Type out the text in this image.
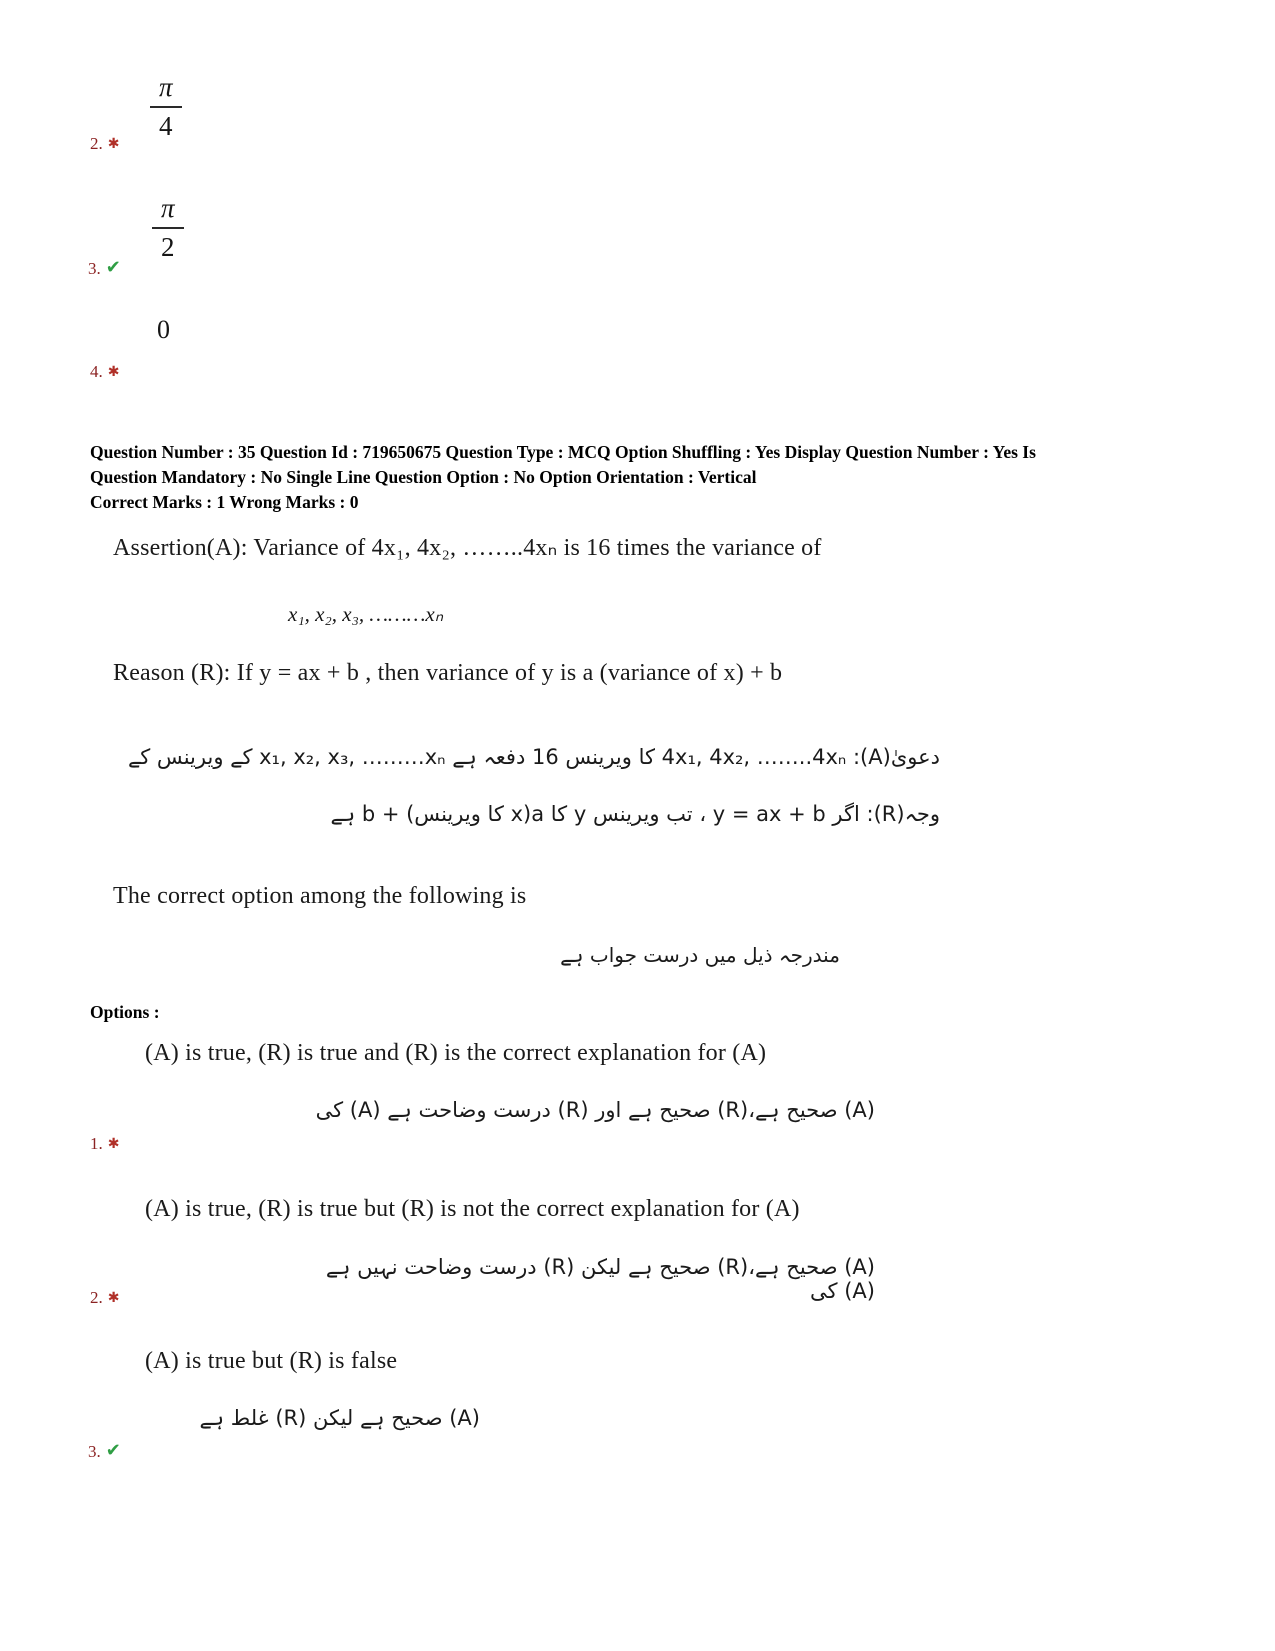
$\frac{\pi}{4}$
2. ✱
$\frac{\pi}{2}$
3. ✔
0
4. ✱
Question Number : 35 Question Id : 719650675 Question Type : MCQ Option Shuffling : Yes Display Question Number : Yes Is
Question Mandatory : No Single Line Question Option : No Option Orientation : Vertical
Correct Marks : 1 Wrong Marks : 0
Assertion(A): Variance of 4x₁, 4x₂, ……..4xₙ is 16 times the variance of
x₁, x₂, x₃, ………xₙ
Reason (R): If y = ax + b , then variance of y is a (variance of x) + b
دعویٰ(A): 4x₁, 4x₂, ……..4xₙ کا ویرینس 16 دفعہ ہے x₁, x₂, x₃, ………xₙ کے ویرینس کے
وجہ(R): اگر y = ax + b ، تب ویرینس y کا a(x کا ویرینس) + b ہے
The correct option among the following is
مندرجہ ذیل میں درست جواب ہے
Options :
(A) is true, (R) is true and (R) is the correct explanation for (A)
(A) صحیح ہے،(R) صحیح ہے اور (R) درست وضاحت ہے (A) کی
1. ✱
(A) is true, (R) is true but (R) is not the correct explanation for (A)
(A) صحیح ہے،(R) صحیح ہے لیکن (R) درست وضاحت نہیں ہے (A) کی
2. ✱
(A) is true but (R) is false
(A) صحیح ہے لیکن (R) غلط ہے
3. ✔
